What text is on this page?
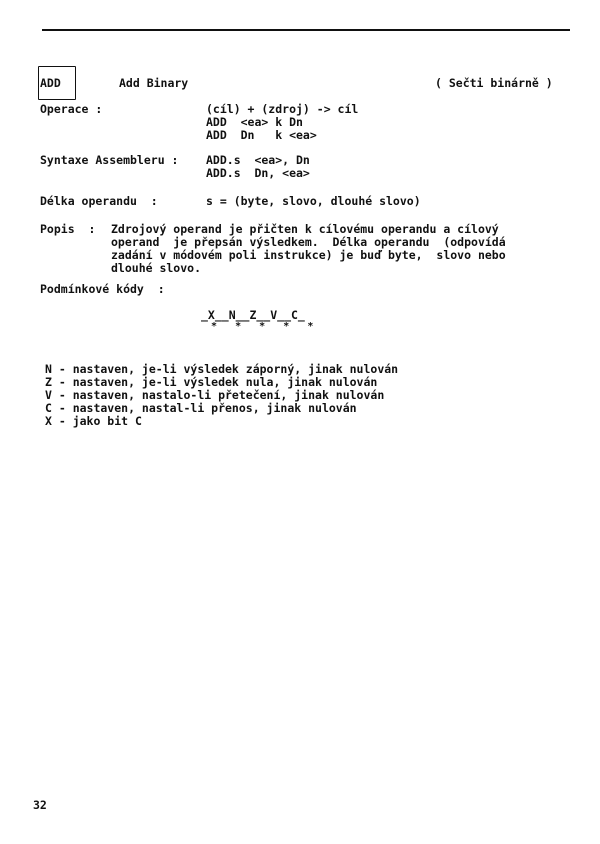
ADD	Add Binary	( Sečti binárně )
Operace :	(cíl) + (zdroj) -> cíl
ADD  <ea> k Dn
ADD  Dn   k <ea>
Syntaxe Assembleru : ADD.s  <ea>, Dn
ADD.s  Dn, <ea>
Délka operandu  :	s = (byte, slovo, dlouhé slovo)
Popis  : Zdrojový operand je přičten k cílovému operandu a cílový
operand  je přepsán výsledkem.  Délka operandu  (odpovídá
zadání v módovém poli instrukce) je buď byte,  slovo nebo
dlouhé slovo.
Podmínkové kódy  :
_X__N__Z__V__C_
*   *   *   *   *
N - nastaven, je-li výsledek záporný, jinak nulován
Z - nastaven, je-li výsledek nula, jinak nulován
V - nastaven, nastalo-li přetečení, jinak nulován
C - nastaven, nastal-li přenos, jinak nulován
X - jako bit C
32
